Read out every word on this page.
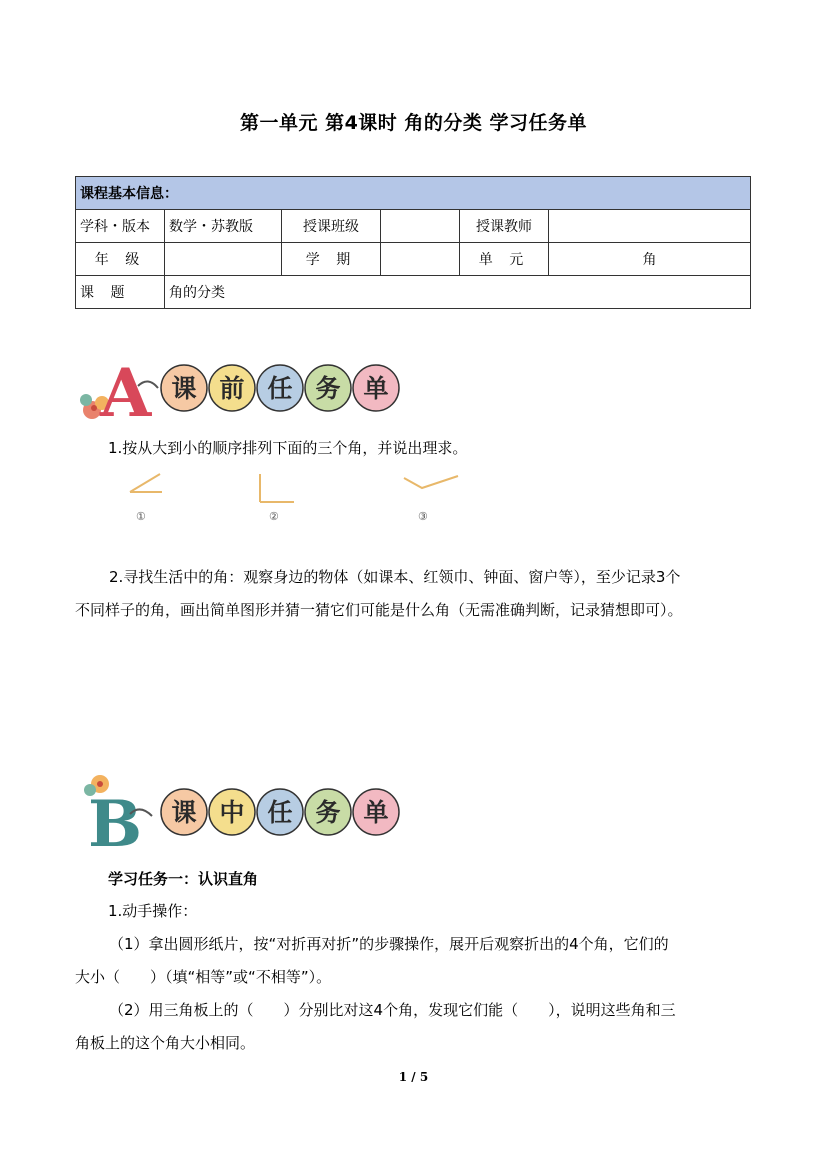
第一单元 第4课时 角的分类 学习任务单
课程基本信息：					
学科・版本	数学・苏教版	授课班级		授课教师	
年 级		学 期		单 元	角
课 题	角的分类				
A 课 前 任 务 单
1.按从大到小的顺序排列下面的三个角，并说出理求。
①	②	③
2.寻找生活中的角：观察身边的物体（如课本、红领巾、钟面、窗户等），至少记录3个
不同样子的角，画出简单图形并猜一猜它们可能是什么角（无需准确判断，记录猜想即可）。
B 课 中 任 务 单
学习任务一：认识直角
1.动手操作：
（1）拿出圆形纸片，按“对折再对折”的步骤操作，展开后观察折出的4个角，它们的
大小（　　）（填“相等”或“不相等”）。
（2）用三角板上的（　　）分别比对这4个角，发现它们能（　　），说明这些角和三
角板上的这个角大小相同。
1 / 5
